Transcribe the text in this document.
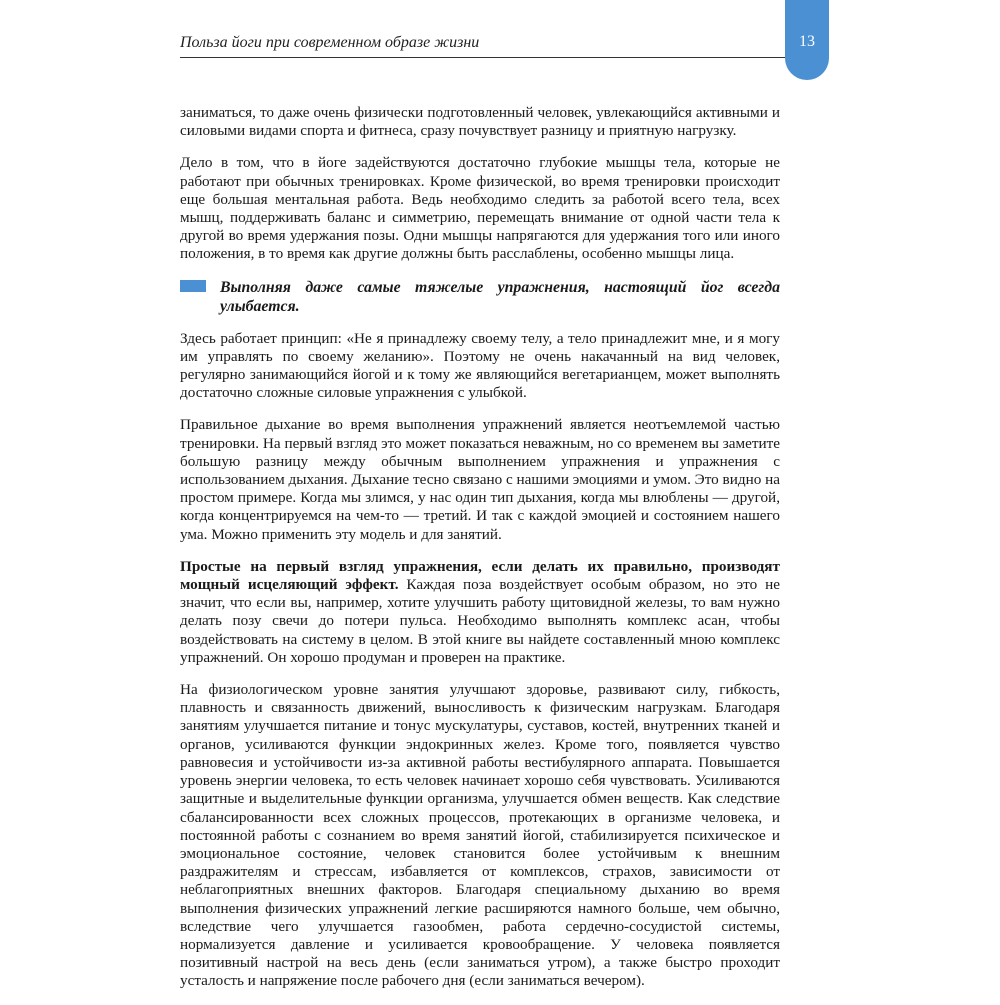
Польза йоги при современном образе жизни	13

заниматься, то даже очень физически подготовленный человек, увлекающийся активными и силовыми видами спорта и фитнеса, сразу почувствует разницу и приятную нагрузку.

Дело в том, что в йоге задействуются достаточно глубокие мышцы тела, которые не работают при обычных тренировках. Кроме физической, во время тренировки происходит еще большая ментальная работа. Ведь необходимо следить за работой всего тела, всех мышц, поддерживать баланс и симметрию, перемещать внимание от одной части тела к другой во время удержания позы. Одни мышцы напрягаются для удержания того или иного положения, в то время как другие должны быть расслаблены, особенно мышцы лица.

Выполняя даже самые тяжелые упражнения, настоящий йог всегда улыбается.

Здесь работает принцип: «Не я принадлежу своему телу, а тело принадлежит мне, и я могу им управлять по своему желанию». Поэтому не очень накачанный на вид человек, регулярно занимающийся йогой и к тому же являющийся вегетарианцем, может выполнять достаточно сложные силовые упражнения с улыбкой.

Правильное дыхание во время выполнения упражнений является неотъемлемой частью тренировки. На первый взгляд это может показаться неважным, но со временем вы заметите большую разницу между обычным выполнением упражнения и упражнения с использованием дыхания. Дыхание тесно связано с нашими эмоциями и умом. Это видно на простом примере. Когда мы злимся, у нас один тип дыхания, когда мы влюблены — другой, когда концентрируемся на чем-то — третий. И так с каждой эмоцией и состоянием нашего ума. Можно применить эту модель и для занятий.

Простые на первый взгляд упражнения, если делать их правильно, производят мощный исцеляющий эффект. Каждая поза воздействует особым образом, но это не значит, что если вы, например, хотите улучшить работу щитовидной железы, то вам нужно делать позу свечи до потери пульса. Необходимо выполнять комплекс асан, чтобы воздействовать на систему в целом. В этой книге вы найдете составленный мною комплекс упражнений. Он хорошо продуман и проверен на практике.

На физиологическом уровне занятия улучшают здоровье, развивают силу, гибкость, плавность и связанность движений, выносливость к физическим нагрузкам. Благодаря занятиям улучшается питание и тонус мускулатуры, суставов, костей, внутренних тканей и органов, усиливаются функции эндокринных желез. Кроме того, появляется чувство равновесия и устойчивости из-за активной работы вестибулярного аппарата. Повышается уровень энергии человека, то есть человек начинает хорошо себя чувствовать. Усиливаются защитные и выделительные функции организма, улучшается обмен веществ. Как следствие сбалансированности всех сложных процессов, протекающих в организме человека, и постоянной работы с сознанием во время занятий йогой, стабилизируется психическое и эмоциональное состояние, человек становится более устойчивым к внешним раздражителям и стрессам, избавляется от комплексов, страхов, зависимости от неблагоприятных внешних факторов. Благодаря специальному дыханию во время выполнения физических упражнений легкие расширяются намного больше, чем обычно, вследствие чего улучшается газообмен, работа сердечно-сосудистой системы, нормализуется давление и усиливается кровообращение. У человека появляется позитивный настрой на весь день (если заниматься утром), а также быстро проходит усталость и напряжение после рабочего дня (если заниматься вечером).
